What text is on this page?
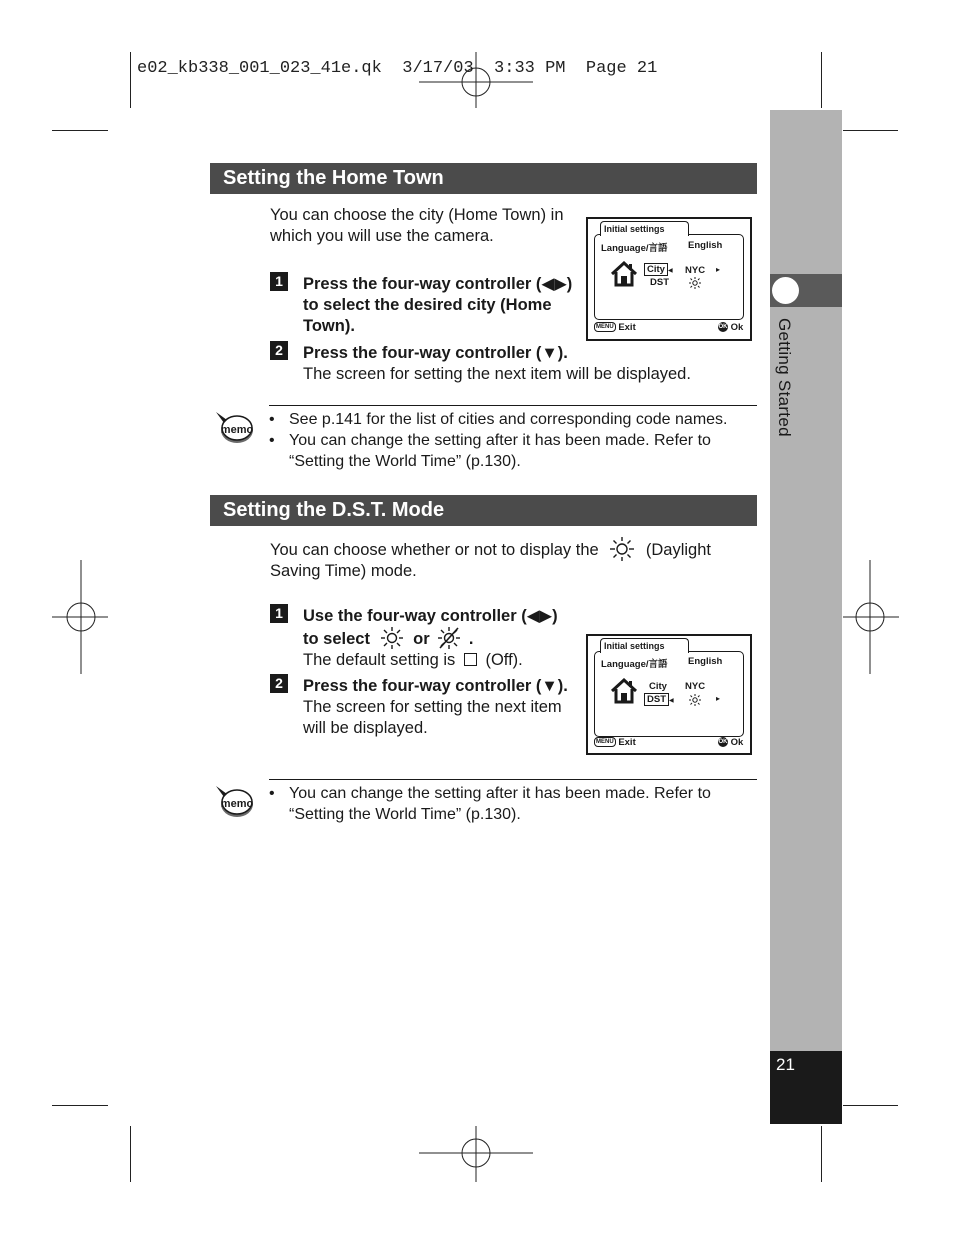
e02_kb338_001_023_41e.qk  3/17/03  3:33 PM  Page 21
Getting Started
21
Setting the Home Town
You can choose the city (Home Town) in
which you will use the camera.
1	Press the four-way controller (◀▶)
to select the desired city (Home
Town).
2	Press the four-way controller (▼).
The screen for setting the next item will be displayed.
Initial settings
Language/言語 English
City ◀
DST
NYC ▸
MENU Exit	OK Ok
memo
• See p.141 for the list of cities and corresponding code names.
• You can change the setting after it has been made. Refer to
“Setting the World Time” (p.130).
Setting the D.S.T. Mode
You can choose whether or not to display the	(Daylight
Saving Time) mode.
1	Use the four-way controller (◀▶)
to select	or .
The default setting is (Off).
2	Press the four-way controller (▼).
The screen for setting the next item
will be displayed.
Initial settings
Language/言語 English
City
DST ◀
NYC
▸
MENU Exit	OK Ok
memo
• You can change the setting after it has been made. Refer to
“Setting the World Time” (p.130).
